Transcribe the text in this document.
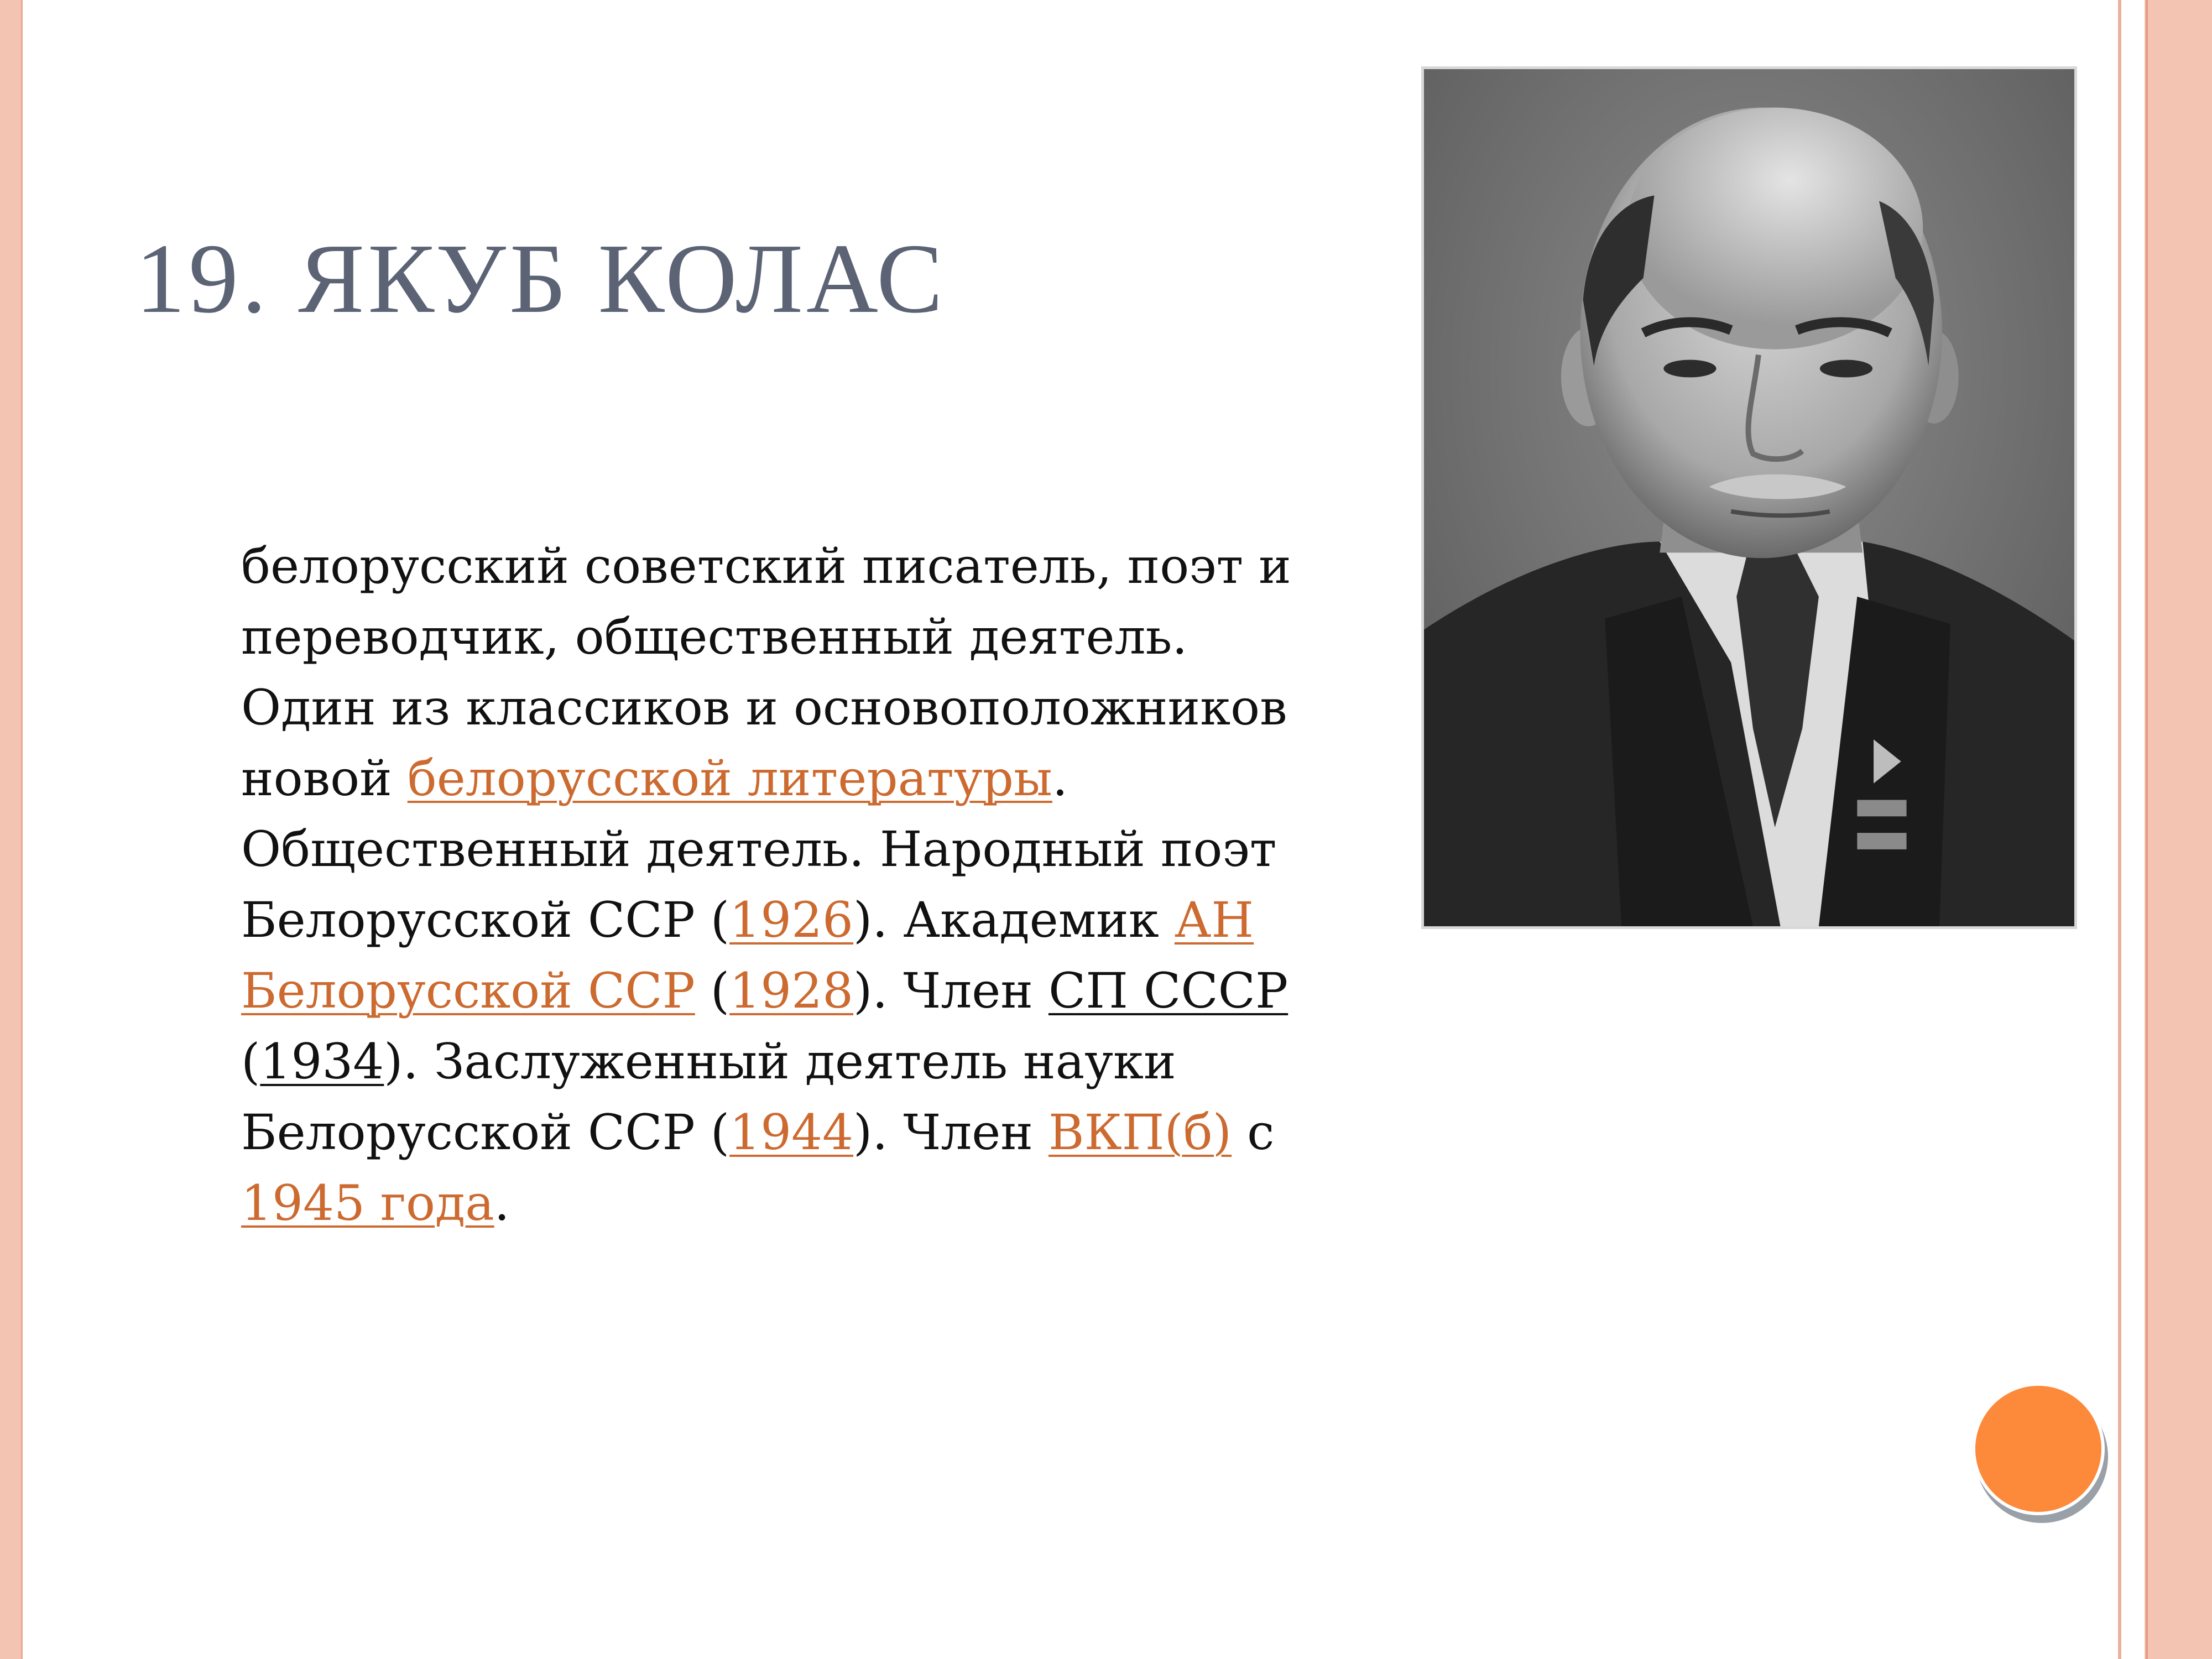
19. ЯКУБ КОЛАС

белорусский советский писатель, поэт и переводчик, общественный деятель. Один из классиков и основоположников новой белорусской литературы. Общественный деятель. Народный поэт Белорусской ССР (1926). Академик АН Белорусской ССР (1928). Член СП СССР (1934). Заслуженный деятель науки Белорусской ССР (1944). Член ВКП(б) с 1945 года.
